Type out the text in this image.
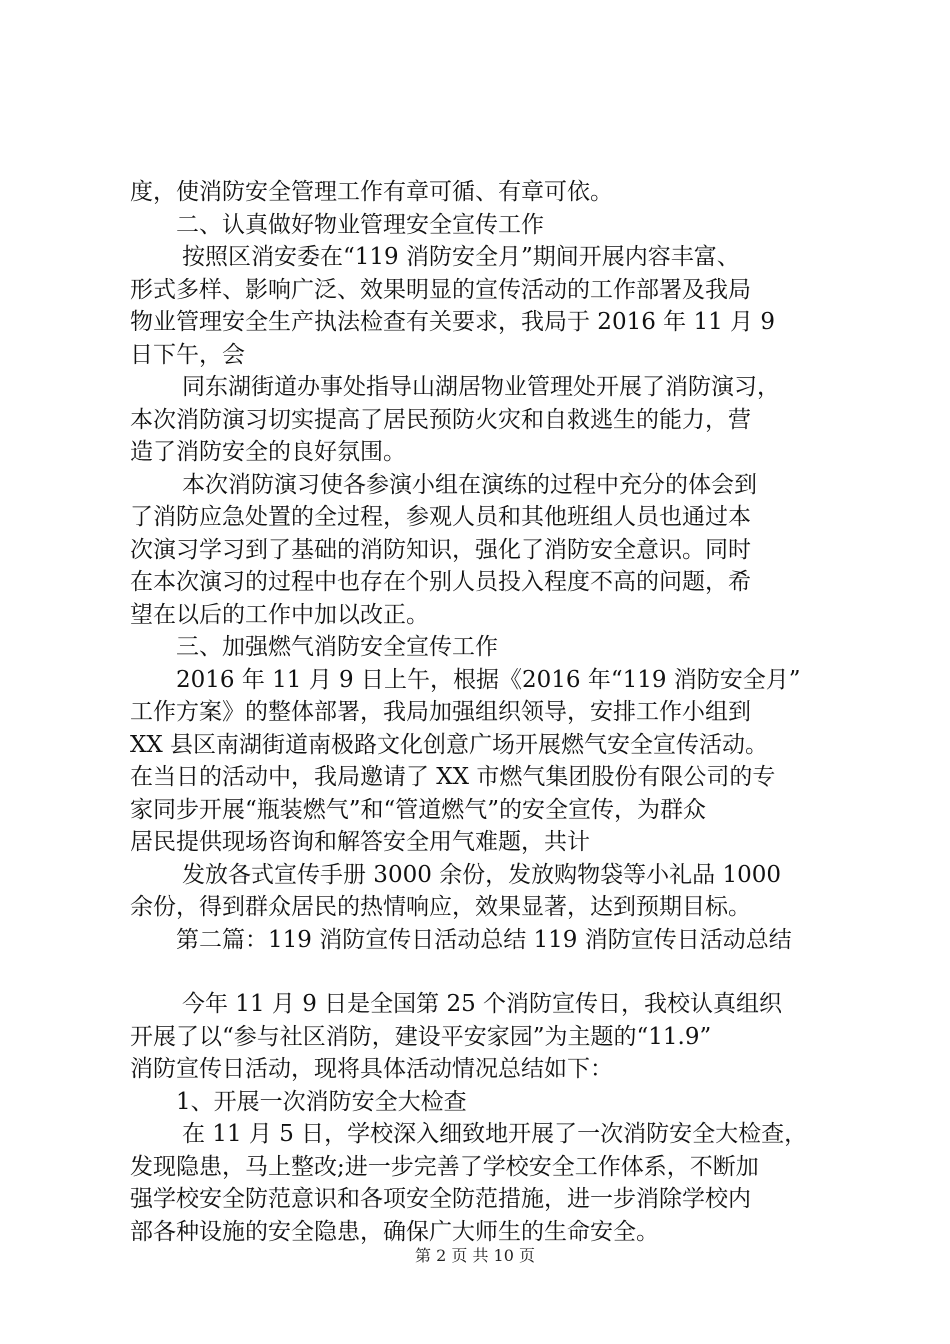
度，使消防安全管理工作有章可循、有章可依。
二、认真做好物业管理安全宣传工作
按照区消安委在“119 消防安全月”期间开展内容丰富、
形式多样、影响广泛、效果明显的宣传活动的工作部署及我局
物业管理安全生产执法检查有关要求，我局于 2016 年 11 月 9
日下午，会
同东湖街道办事处指导山湖居物业管理处开展了消防演习，
本次消防演习切实提高了居民预防火灾和自救逃生的能力，营
造了消防安全的良好氛围。
本次消防演习使各参演小组在演练的过程中充分的体会到
了消防应急处置的全过程，参观人员和其他班组人员也通过本
次演习学习到了基础的消防知识，强化了消防安全意识。同时
在本次演习的过程中也存在个别人员投入程度不高的问题，希
望在以后的工作中加以改正。
三、加强燃气消防安全宣传工作
2016 年 11 月 9 日上午，根据《2016 年“119 消防安全月”
工作方案》的整体部署，我局加强组织领导，安排工作小组到
XX 县区南湖街道南极路文化创意广场开展燃气安全宣传活动。
在当日的活动中，我局邀请了 XX 市燃气集团股份有限公司的专
家同步开展“瓶装燃气”和“管道燃气”的安全宣传，为群众
居民提供现场咨询和解答安全用气难题，共计
发放各式宣传手册 3000 余份，发放购物袋等小礼品 1000
余份，得到群众居民的热情响应，效果显著，达到预期目标。
第二篇：119 消防宣传日活动总结 119 消防宣传日活动总结
今年 11 月 9 日是全国第 25 个消防宣传日，我校认真组织
开展了以“参与社区消防，建设平安家园”为主题的“11.9”
消防宣传日活动，现将具体活动情况总结如下：
1、开展一次消防安全大检查
在 11 月 5 日，学校深入细致地开展了一次消防安全大检查，
发现隐患，马上整改;进一步完善了学校安全工作体系，不断加
强学校安全防范意识和各项安全防范措施，进一步消除学校内
部各种设施的安全隐患，确保广大师生的生命安全。
第 2 页 共 10 页
